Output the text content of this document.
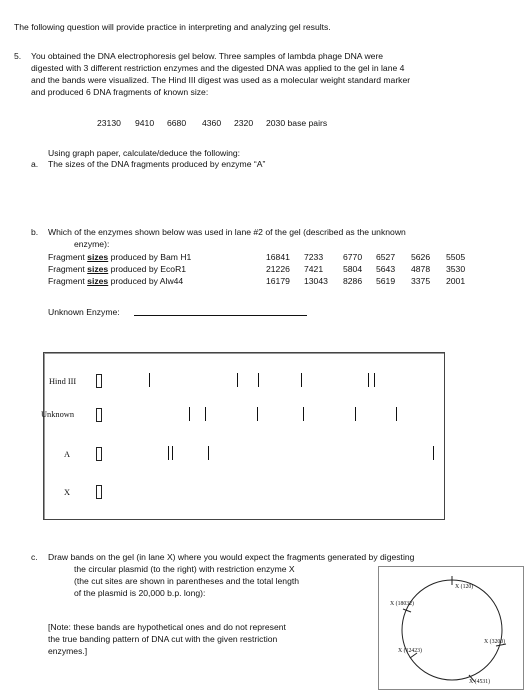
The following question will provide practice in interpreting and analyzing gel results.
5. You obtained the DNA electrophoresis gel below. Three samples of lambda phage DNA were
digested with 3 different restriction enzymes and the digested DNA was applied to the gel in lane 4
and the bands were visualized. The Hind III digest was used as a molecular weight standard marker
and produced 6 DNA fragments of known size:
23130 9410 6680 4360 2320 2030 base pairs
Using graph paper, calculate/deduce the following:
a. The sizes of the DNA fragments produced by enzyme “A”
b. Which of the enzymes shown below was used in lane #2 of the gel (described as the unknown
enzyme):
Fragment sizes produced by Bam H1
Fragment sizes produced by EcoR1
Fragment sizes produced by Alw44
16841 7233 6770 6527 5626 5505
21226 7421 5804 5643 4878 3530
16179 13043 8286 5619 3375 2001
Unknown Enzyme:
Hind III
Unknown
A
X
c. Draw bands on the gel (in lane X) where you would expect the fragments generated by digesting
the circular plasmid (to the right) with restriction enzyme X
(the cut sites are shown in parentheses and the total length
of the plasmid is 20,000 b.p. long):
[Note: these bands are hypothetical ones and do not represent
the true banding pattern of DNA cut with the given restriction
enzymes.]
X (120)
X (18032)
X (3200)
X (12423)
X (4531)
